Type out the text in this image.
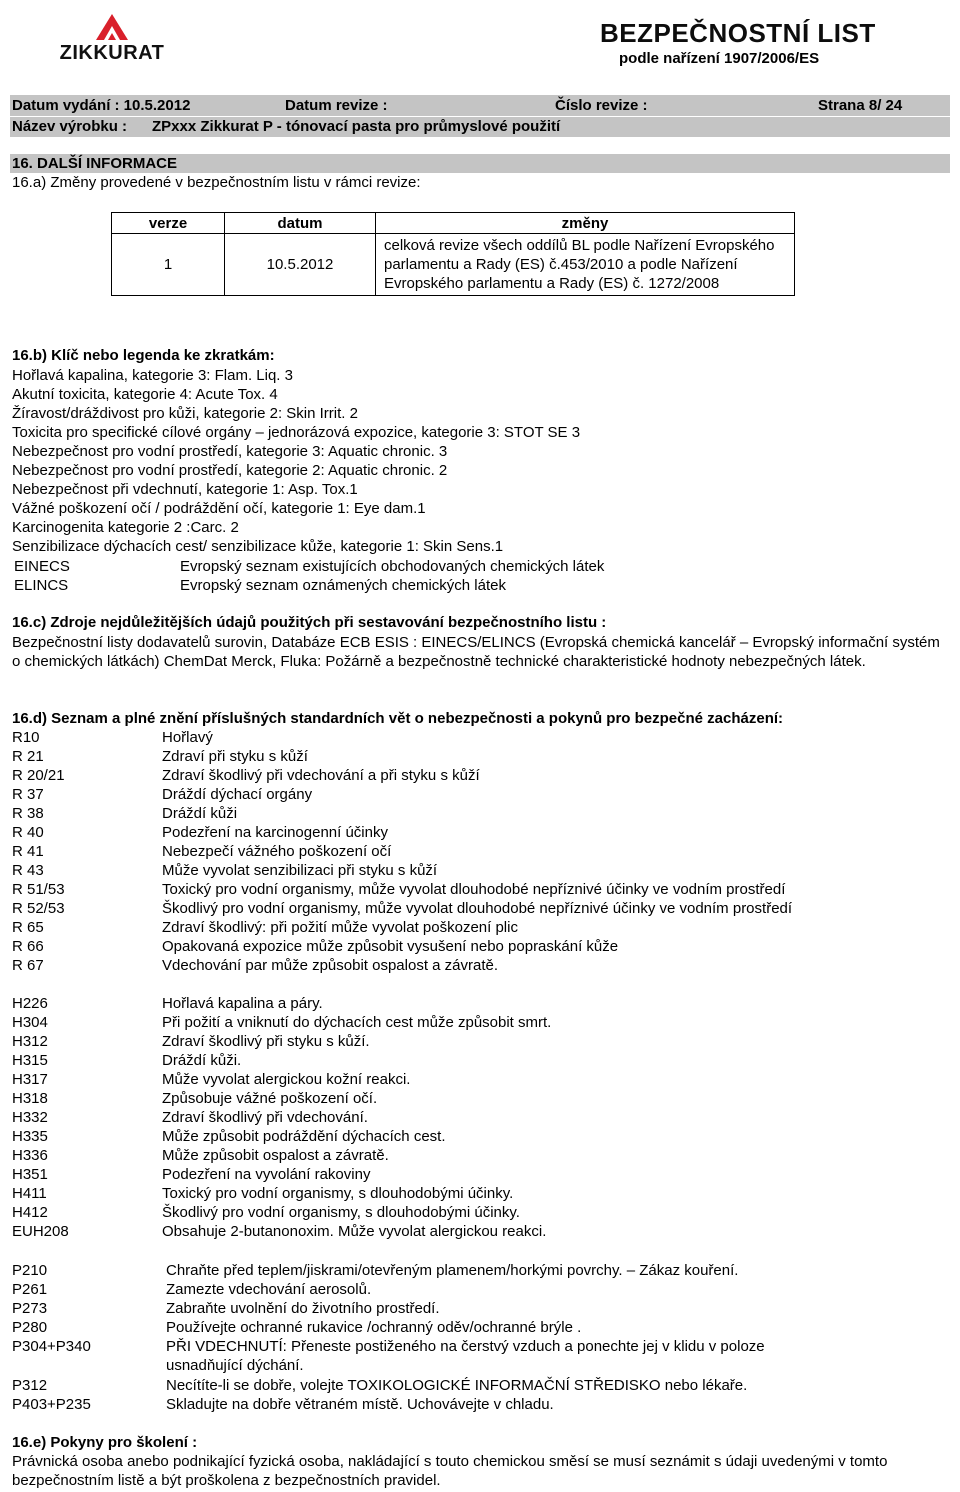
ZIKKURAT
BEZPEČNOSTNÍ LIST
podle nařízení 1907/2006/ES
Datum vydání : 10.5.2012	Datum revize :	Číslo revize :	Strana 8/ 24
Název výrobku : ZPxxx Zikkurat P - tónovací pasta pro průmyslové použití
16. DALŠÍ INFORMACE
16.a) Změny provedené v bezpečnostním listu v rámci revize:
verze	datum	změny
1	10.5.2012	celková revize všech oddílů BL podle Nařízení Evropského parlamentu a Rady (ES) č.453/2010 a podle Nařízení Evropského parlamentu a Rady (ES) č. 1272/2008
16.b) Klíč nebo legenda ke zkratkám:
Hořlavá kapalina, kategorie 3: Flam. Liq. 3
Akutní toxicita, kategorie 4: Acute Tox. 4
Žíravost/dráždivost pro kůži, kategorie 2: Skin Irrit. 2
Toxicita pro specifické cílové orgány – jednorázová expozice, kategorie 3: STOT SE 3
Nebezpečnost pro vodní prostředí, kategorie 3: Aquatic chronic. 3
Nebezpečnost pro vodní prostředí, kategorie 2: Aquatic chronic. 2
Nebezpečnost při vdechnutí, kategorie 1: Asp. Tox.1
Vážné poškození očí / podráždění očí, kategorie 1: Eye dam.1
Karcinogenita kategorie 2 :Carc. 2
Senzibilizace dýchacích cest/ senzibilizace kůže, kategorie 1: Skin Sens.1
EINECS	Evropský seznam existujících obchodovaných chemických látek
ELINCS	Evropský seznam oznámených chemických látek
16.c) Zdroje nejdůležitějších údajů použitých při sestavování bezpečnostního listu :
Bezpečnostní listy dodavatelů surovin, Databáze ECB ESIS : EINECS/ELINCS (Evropská chemická kancelář – Evropský informační systém o chemických látkách) ChemDat Merck, Fluka: Požárně a bezpečnostně technické charakteristické hodnoty nebezpečných látek.
16.d) Seznam a plné znění příslušných standardních vět o nebezpečnosti a pokynů pro bezpečné zacházení:
R10	Hořlavý
R 21	Zdraví při styku s kůží
R 20/21	Zdraví škodlivý při vdechování a při styku s kůží
R 37	Dráždí dýchací orgány
R 38	Dráždí kůži
R 40	Podezření na karcinogenní účinky
R 41	Nebezpečí vážného poškození očí
R 43	Může vyvolat senzibilizaci při styku s kůží
R 51/53	Toxický pro vodní organismy, může vyvolat dlouhodobé nepříznivé účinky ve vodním prostředí
R 52/53	Škodlivý pro vodní organismy, může vyvolat dlouhodobé nepříznivé účinky ve vodním prostředí
R 65	Zdraví škodlivý: při požití může vyvolat poškození plic
R 66	Opakovaná expozice může způsobit vysušení nebo popraskání kůže
R 67	Vdechování par může způsobit ospalost a závratě.
H226	Hořlavá kapalina a páry.
H304	Při požití a vniknutí do dýchacích cest může způsobit smrt.
H312	Zdraví škodlivý při styku s kůží.
H315	Dráždí kůži.
H317	Může vyvolat alergickou kožní reakci.
H318	Způsobuje vážné poškození očí.
H332	Zdraví škodlivý při vdechování.
H335	Může způsobit podráždění dýchacích cest.
H336	Může způsobit ospalost a závratě.
H351	Podezření na vyvolání rakoviny
H411	Toxický pro vodní organismy, s dlouhodobými účinky.
H412	Škodlivý pro vodní organismy, s dlouhodobými účinky.
EUH208	Obsahuje 2-butanonoxim. Může vyvolat alergickou reakci.
P210	Chraňte před teplem/jiskrami/otevřeným plamenem/horkými povrchy. – Zákaz kouření.
P261	Zamezte vdechování aerosolů.
P273	Zabraňte uvolnění do životního prostředí.
P280	Používejte ochranné rukavice /ochranný oděv/ochranné brýle .
P304+P340	PŘI VDECHNUTÍ: Přeneste postiženého na čerstvý vzduch a ponechte jej v klidu v poloze
usnadňující dýchání.
P312	Necítíte-li se dobře, volejte TOXIKOLOGICKÉ INFORMAČNÍ STŘEDISKO nebo lékaře.
P403+P235	Skladujte na dobře větraném místě. Uchovávejte v chladu.
16.e) Pokyny pro školení :
Právnická osoba anebo podnikající fyzická osoba, nakládající s touto chemickou směsí se musí seznámit s údaji uvedenými v tomto bezpečnostním listě a být proškolena z bezpečnostních pravidel.
